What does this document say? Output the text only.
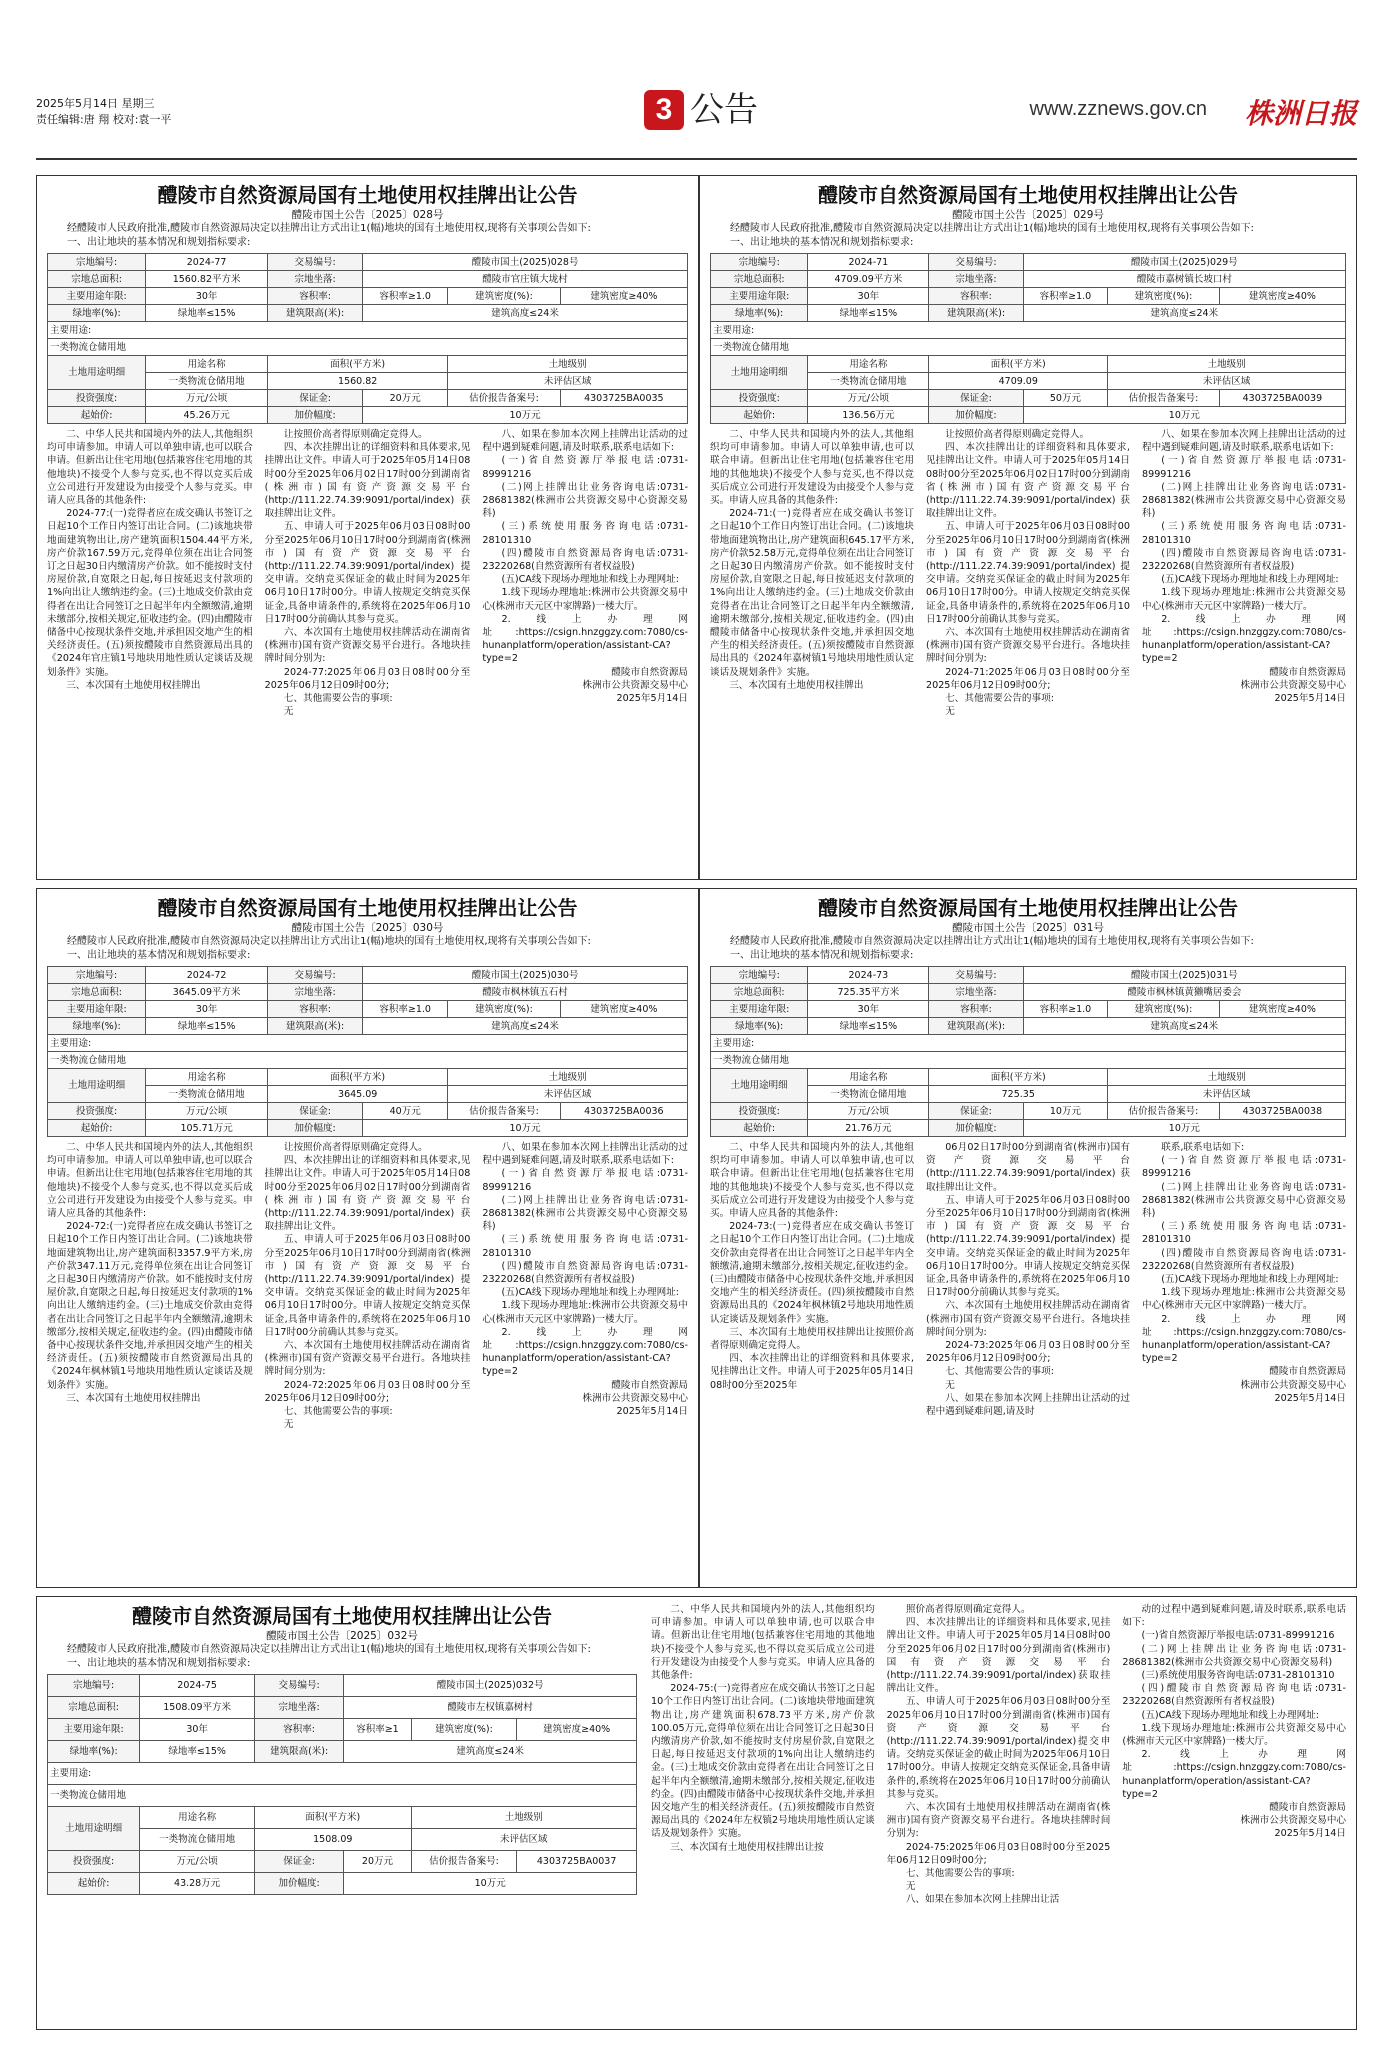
2025年5月14日 星期三
责任编辑:唐 翔 校对:袁一平	3 公告	www.zznews.gov.cn 株洲日报
醴陵市自然资源局国有土地使用权挂牌出让公告
醴陵市国土公告〔2025〕028号
经醴陵市人民政府批准,醴陵市自然资源局决定以挂牌出让方式出让1(幅)地块的国有土地使用权,现将有关事项公告如下:
一、出让地块的基本情况和规划指标要求:
宗地编号:	2024-77	交易编号:	醴陵市国土(2025)028号		
宗地总面积:	1560.82平方米	宗地坐落:	醴陵市官庄镇大垅村		
主要用途年限:	30年	容积率:	容积率≥1.0	建筑密度(%):	建筑密度≥40%
绿地率(%):	绿地率≤15%	建筑限高(米):	建筑高度≤24米		
主要用途:					
一类物流仓储用地					
土地用途明细	用途名称	面积(平方米)		土地级别	
	一类物流仓储用地	1560.82		未评估区域	
投资强度:	万元/公顷	保证金:	20万元	估价报告备案号:	4303725BA0035
起始价:	45.26万元	加价幅度:	10万元		

二、中华人民共和国境内外的法人,其他组织均可申请参加。申请人可以单独申请,也可以联合申请。但新出让住宅用地(包括兼容住宅用地的其他地块)不接受个人参与竞买,也不得以竞买后成立公司进行开发建设为由接受个人参与竞买。申请人应具备的其他条件:

2024-77:(一)竞得者应在成交确认书签订之日起10个工作日内签订出让合同。(二)该地块带地面建筑物出让,房产建筑面积1504.44平方米,房产价款167.59万元,竞得单位须在出让合同签订之日起30日内缴清房产价款。如不能按时支付房屋价款,自宽限之日起,每日按延迟支付款项的1%向出让人缴纳违约金。(三)土地成交价款由竞得者在出让合同签订之日起半年内全额缴清,逾期未缴部分,按相关规定,征收违约金。(四)由醴陵市储备中心按现状条件交地,并承担因交地产生的相关经济责任。(五)须按醴陵市自然资源局出具的《2024年官庄镇1号地块用地性质认定谈话及规划条件》实施。

三、本次国有土地使用权挂牌出

让按照价高者得原则确定竞得人。

四、本次挂牌出让的详细资料和具体要求,见挂牌出让文件。申请人可于2025年05月14日08时00分至2025年06月02日17时00分到湖南省(株洲市)国有资产资源交易平台(http://111.22.74.39:9091/portal/index)获取挂牌出让文件。

五、申请人可于2025年06月03日08时00分至2025年06月10日17时00分到湖南省(株洲市)国有资产资源交易平台(http://111.22.74.39:9091/portal/index)提交申请。交纳竞买保证金的截止时间为2025年06月10日17时00分。申请人按规定交纳竞买保证金,具备申请条件的,系统将在2025年06月10日17时00分前确认其参与竞买。

六、本次国有土地使用权挂牌活动在湖南省(株洲市)国有资产资源交易平台进行。各地块挂牌时间分别为:

2024-77:2025年06月03日08时00分至2025年06月12日09时00分;

七、其他需要公告的事项:

无

八、如果在参加本次网上挂牌出让活动的过程中遇到疑难问题,请及时联系,联系电话如下:

(一)省自然资源厅举报电话:0731-89991216

(二)网上挂牌出让业务咨询电话:0731-28681382(株洲市公共资源交易中心资源交易科)

(三)系统使用服务咨询电话:0731-28101310

(四)醴陵市自然资源局咨询电话:0731-23220268(自然资源所有者权益股)

(五)CA线下现场办理地址和线上办理网址:

1.线下现场办理地址:株洲市公共资源交易中心(株洲市天元区中家牌路)一楼大厅。

2.线上办理网址:https://csign.hnzggzy.com:7080/cs-hunanplatform/operation/assistant-CA?type=2

醴陵市自然资源局

株洲市公共资源交易中心

2025年5月14日

醴陵市自然资源局国有土地使用权挂牌出让公告
醴陵市国土公告〔2025〕029号
经醴陵市人民政府批准,醴陵市自然资源局决定以挂牌出让方式出让1(幅)地块的国有土地使用权,现将有关事项公告如下:
一、出让地块的基本情况和规划指标要求:
宗地编号:	2024-71	交易编号:	醴陵市国土(2025)029号		
宗地总面积:	4709.09平方米	宗地坐落:	醴陵市嘉树镇长坡口村		
主要用途年限:	30年	容积率:	容积率≥1.0	建筑密度(%):	建筑密度≥40%
绿地率(%):	绿地率≤15%	建筑限高(米):	建筑高度≤24米		
主要用途:					
一类物流仓储用地					
土地用途明细	用途名称	面积(平方米)		土地级别	
	一类物流仓储用地	4709.09		未评估区域	
投资强度:	万元/公顷	保证金:	50万元	估价报告备案号:	4303725BA0039
起始价:	136.56万元	加价幅度:	10万元		

二、中华人民共和国境内外的法人,其他组织均可申请参加。申请人可以单独申请,也可以联合申请。但新出让住宅用地(包括兼容住宅用地的其他地块)不接受个人参与竞买,也不得以竞买后成立公司进行开发建设为由接受个人参与竞买。申请人应具备的其他条件:

2024-71:(一)竞得者应在成交确认书签订之日起10个工作日内签订出让合同。(二)该地块带地面建筑物出让,房产建筑面积645.17平方米,房产价款52.58万元,竞得单位须在出让合同签订之日起30日内缴清房产价款。如不能按时支付房屋价款,自宽限之日起,每日按延迟支付款项的1%向出让人缴纳违约金。(三)土地成交价款由竞得者在出让合同签订之日起半年内全额缴清,逾期未缴部分,按相关规定,征收违约金。(四)由醴陵市储备中心按现状条件交地,并承担因交地产生的相关经济责任。(五)须按醴陵市自然资源局出具的《2024年嘉树镇1号地块用地性质认定谈话及规划条件》实施。

三、本次国有土地使用权挂牌出

让按照价高者得原则确定竞得人。

四、本次挂牌出让的详细资料和具体要求,见挂牌出让文件。申请人可于2025年05月14日08时00分至2025年06月02日17时00分到湖南省(株洲市)国有资产资源交易平台(http://111.22.74.39:9091/portal/index)获取挂牌出让文件。

五、申请人可于2025年06月03日08时00分至2025年06月10日17时00分到湖南省(株洲市)国有资产资源交易平台(http://111.22.74.39:9091/portal/index)提交申请。交纳竞买保证金的截止时间为2025年06月10日17时00分。申请人按规定交纳竞买保证金,具备申请条件的,系统将在2025年06月10日17时00分前确认其参与竞买。

六、本次国有土地使用权挂牌活动在湖南省(株洲市)国有资产资源交易平台进行。各地块挂牌时间分别为:

2024-71:2025年06月03日08时00分至2025年06月12日09时00分;

七、其他需要公告的事项:

无

八、如果在参加本次网上挂牌出让活动的过程中遇到疑难问题,请及时联系,联系电话如下:

(一)省自然资源厅举报电话:0731-89991216

(二)网上挂牌出让业务咨询电话:0731-28681382(株洲市公共资源交易中心资源交易科)

(三)系统使用服务咨询电话:0731-28101310

(四)醴陵市自然资源局咨询电话:0731-23220268(自然资源所有者权益股)

(五)CA线下现场办理地址和线上办理网址:

1.线下现场办理地址:株洲市公共资源交易中心(株洲市天元区中家牌路)一楼大厅。

2.线上办理网址:https://csign.hnzggzy.com:7080/cs-hunanplatform/operation/assistant-CA?type=2

醴陵市自然资源局

株洲市公共资源交易中心

2025年5月14日

醴陵市自然资源局国有土地使用权挂牌出让公告
醴陵市国土公告〔2025〕030号
经醴陵市人民政府批准,醴陵市自然资源局决定以挂牌出让方式出让1(幅)地块的国有土地使用权,现将有关事项公告如下:
一、出让地块的基本情况和规划指标要求:
宗地编号:	2024-72	交易编号:	醴陵市国土(2025)030号		
宗地总面积:	3645.09平方米	宗地坐落:	醴陵市枫林镇五石村		
主要用途年限:	30年	容积率:	容积率≥1.0	建筑密度(%):	建筑密度≥40%
绿地率(%):	绿地率≤15%	建筑限高(米):	建筑高度≤24米		
主要用途:					
一类物流仓储用地					
土地用途明细	用途名称	面积(平方米)		土地级别	
	一类物流仓储用地	3645.09		未评估区域	
投资强度:	万元/公顷	保证金:	40万元	估价报告备案号:	4303725BA0036
起始价:	105.71万元	加价幅度:	10万元		

二、中华人民共和国境内外的法人,其他组织均可申请参加。申请人可以单独申请,也可以联合申请。但新出让住宅用地(包括兼容住宅用地的其他地块)不接受个人参与竞买,也不得以竞买后成立公司进行开发建设为由接受个人参与竞买。申请人应具备的其他条件:

2024-72:(一)竞得者应在成交确认书签订之日起10个工作日内签订出让合同。(二)该地块带地面建筑物出让,房产建筑面积3357.9平方米,房产价款347.11万元,竞得单位须在出让合同签订之日起30日内缴清房产价款。如不能按时支付房屋价款,自宽限之日起,每日按延迟支付款项的1%向出让人缴纳违约金。(三)土地成交价款由竞得者在出让合同签订之日起半年内全额缴清,逾期未缴部分,按相关规定,征收违约金。(四)由醴陵市储备中心按现状条件交地,并承担因交地产生的相关经济责任。(五)须按醴陵市自然资源局出具的《2024年枫林镇1号地块用地性质认定谈话及规划条件》实施。

三、本次国有土地使用权挂牌出

让按照价高者得原则确定竞得人。

四、本次挂牌出让的详细资料和具体要求,见挂牌出让文件。申请人可于2025年05月14日08时00分至2025年06月02日17时00分到湖南省(株洲市)国有资产资源交易平台(http://111.22.74.39:9091/portal/index)获取挂牌出让文件。

五、申请人可于2025年06月03日08时00分至2025年06月10日17时00分到湖南省(株洲市)国有资产资源交易平台(http://111.22.74.39:9091/portal/index)提交申请。交纳竞买保证金的截止时间为2025年06月10日17时00分。申请人按规定交纳竞买保证金,具备申请条件的,系统将在2025年06月10日17时00分前确认其参与竞买。

六、本次国有土地使用权挂牌活动在湖南省(株洲市)国有资产资源交易平台进行。各地块挂牌时间分别为:

2024-72:2025年06月03日08时00分至2025年06月12日09时00分;

七、其他需要公告的事项:

无

八、如果在参加本次网上挂牌出让活动的过程中遇到疑难问题,请及时联系,联系电话如下:

(一)省自然资源厅举报电话:0731-89991216

(二)网上挂牌出让业务咨询电话:0731-28681382(株洲市公共资源交易中心资源交易科)

(三)系统使用服务咨询电话:0731-28101310

(四)醴陵市自然资源局咨询电话:0731-23220268(自然资源所有者权益股)

(五)CA线下现场办理地址和线上办理网址:

1.线下现场办理地址:株洲市公共资源交易中心(株洲市天元区中家牌路)一楼大厅。

2.线上办理网址:https://csign.hnzggzy.com:7080/cs-hunanplatform/operation/assistant-CA?type=2

醴陵市自然资源局

株洲市公共资源交易中心

2025年5月14日

醴陵市自然资源局国有土地使用权挂牌出让公告
醴陵市国土公告〔2025〕031号
经醴陵市人民政府批准,醴陵市自然资源局决定以挂牌出让方式出让1(幅)地块的国有土地使用权,现将有关事项公告如下:
一、出让地块的基本情况和规划指标要求:
宗地编号:	2024-73	交易编号:	醴陵市国土(2025)031号		
宗地总面积:	725.35平方米	宗地坐落:	醴陵市枫林镇黄獭嘴居委会		
主要用途年限:	30年	容积率:	容积率≥1.0	建筑密度(%):	建筑密度≥40%
绿地率(%):	绿地率≤15%	建筑限高(米):	建筑高度≤24米		
主要用途:					
一类物流仓储用地					
土地用途明细	用途名称	面积(平方米)		土地级别	
	一类物流仓储用地	725.35		未评估区域	
投资强度:	万元/公顷	保证金:	10万元	估价报告备案号:	4303725BA0038
起始价:	21.76万元	加价幅度:	10万元		

二、中华人民共和国境内外的法人,其他组织均可申请参加。申请人可以单独申请,也可以联合申请。但新出让住宅用地(包括兼容住宅用地的其他地块)不接受个人参与竞买,也不得以竞买后成立公司进行开发建设为由接受个人参与竞买。申请人应具备的其他条件:

2024-73:(一)竞得者应在成交确认书签订之日起10个工作日内签订出让合同。(二)土地成交价款由竞得者在出让合同签订之日起半年内全额缴清,逾期未缴部分,按相关规定,征收违约金。(三)由醴陵市储备中心按现状条件交地,并承担因交地产生的相关经济责任。(四)须按醴陵市自然资源局出具的《2024年枫林镇2号地块用地性质认定谈话及规划条件》实施。

三、本次国有土地使用权挂牌出让按照价高者得原则确定竞得人。

四、本次挂牌出让的详细资料和具体要求,见挂牌出让文件。申请人可于2025年05月14日08时00分至2025年

06月02日17时00分到湖南省(株洲市)国有资产资源交易平台(http://111.22.74.39:9091/portal/index)获取挂牌出让文件。

五、申请人可于2025年06月03日08时00分至2025年06月10日17时00分到湖南省(株洲市)国有资产资源交易平台(http://111.22.74.39:9091/portal/index)提交申请。交纳竞买保证金的截止时间为2025年06月10日17时00分。申请人按规定交纳竞买保证金,具备申请条件的,系统将在2025年06月10日17时00分前确认其参与竞买。

六、本次国有土地使用权挂牌活动在湖南省(株洲市)国有资产资源交易平台进行。各地块挂牌时间分别为:

2024-73:2025年06月03日08时00分至2025年06月12日09时00分;

七、其他需要公告的事项:

无

八、如果在参加本次网上挂牌出让活动的过程中遇到疑难问题,请及时

联系,联系电话如下:

(一)省自然资源厅举报电话:0731-89991216

(二)网上挂牌出让业务咨询电话:0731-28681382(株洲市公共资源交易中心资源交易科)

(三)系统使用服务咨询电话:0731-28101310

(四)醴陵市自然资源局咨询电话:0731-23220268(自然资源所有者权益股)

(五)CA线下现场办理地址和线上办理网址:

1.线下现场办理地址:株洲市公共资源交易中心(株洲市天元区中家牌路)一楼大厅。

2.线上办理网址:https://csign.hnzggzy.com:7080/cs-hunanplatform/operation/assistant-CA?type=2

醴陵市自然资源局

株洲市公共资源交易中心

2025年5月14日

醴陵市自然资源局国有土地使用权挂牌出让公告
醴陵市国土公告〔2025〕032号
经醴陵市人民政府批准,醴陵市自然资源局决定以挂牌出让方式出让1(幅)地块的国有土地使用权,现将有关事项公告如下:
一、出让地块的基本情况和规划指标要求:
宗地编号:	2024-75	交易编号:	醴陵市国土(2025)032号		
宗地总面积:	1508.09平方米	宗地坐落:	醴陵市左权镇嘉树村		
主要用途年限:	30年	容积率:	容积率≥1	建筑密度(%):	建筑密度≥40%
绿地率(%):	绿地率≤15%	建筑限高(米):	建筑高度≤24米		
主要用途:					
一类物流仓储用地					
土地用途明细	用途名称	面积(平方米)		土地级别	
	一类物流仓储用地	1508.09		未评估区域	
投资强度:	万元/公顷	保证金:	20万元	估价报告备案号:	4303725BA0037
起始价:	43.28万元	加价幅度:	10万元		

二、中华人民共和国境内外的法人,其他组织均可申请参加。申请人可以单独申请,也可以联合申请。但新出让住宅用地(包括兼容住宅用地的其他地块)不接受个人参与竞买,也不得以竞买后成立公司进行开发建设为由接受个人参与竞买。申请人应具备的其他条件:

2024-75:(一)竞得者应在成交确认书签订之日起10个工作日内签订出让合同。(二)该地块带地面建筑物出让,房产建筑面积678.73平方米,房产价款100.05万元,竞得单位须在出让合同签订之日起30日内缴清房产价款,如不能按时支付房屋价款,自宽限之日起,每日按延迟支付款项的1%向出让人缴纳违约金。(三)土地成交价款由竞得者在出让合同签订之日起半年内全额缴清,逾期未缴部分,按相关规定,征收违约金。(四)由醴陵市储备中心按现状条件交地,并承担因交地产生的相关经济责任。(五)须按醴陵市自然资源局出具的《2024年左权镇2号地块用地性质认定谈话及规划条件》实施。

三、本次国有土地使用权挂牌出让按

照价高者得原则确定竞得人。

四、本次挂牌出让的详细资料和具体要求,见挂牌出让文件。申请人可于2025年05月14日08时00分至2025年06月02日17时00分到湖南省(株洲市)国有资产资源交易平台(http://111.22.74.39:9091/portal/index)获取挂牌出让文件。

五、申请人可于2025年06月03日08时00分至2025年06月10日17时00分到湖南省(株洲市)国有资产资源交易平台(http://111.22.74.39:9091/portal/index)提交申请。交纳竞买保证金的截止时间为2025年06月10日17时00分。申请人按规定交纳竞买保证金,具备申请条件的,系统将在2025年06月10日17时00分前确认其参与竞买。

六、本次国有土地使用权挂牌活动在湖南省(株洲市)国有资产资源交易平台进行。各地块挂牌时间分别为:

2024-75:2025年06月03日08时00分至2025年06月12日09时00分;

七、其他需要公告的事项:

无

八、如果在参加本次网上挂牌出让活

动的过程中遇到疑难问题,请及时联系,联系电话如下:

(一)省自然资源厅举报电话:0731-89991216

(二)网上挂牌出让业务咨询电话:0731-28681382(株洲市公共资源交易中心资源交易科)

(三)系统使用服务咨询电话:0731-28101310

(四)醴陵市自然资源局咨询电话:0731-23220268(自然资源所有者权益股)

(五)CA线下现场办理地址和线上办理网址:

1.线下现场办理地址:株洲市公共资源交易中心(株洲市天元区中家牌路)一楼大厅。

2.线上办理网址:https://csign.hnzggzy.com:7080/cs-hunanplatform/operation/assistant-CA?type=2

醴陵市自然资源局

株洲市公共资源交易中心

2025年5月14日
